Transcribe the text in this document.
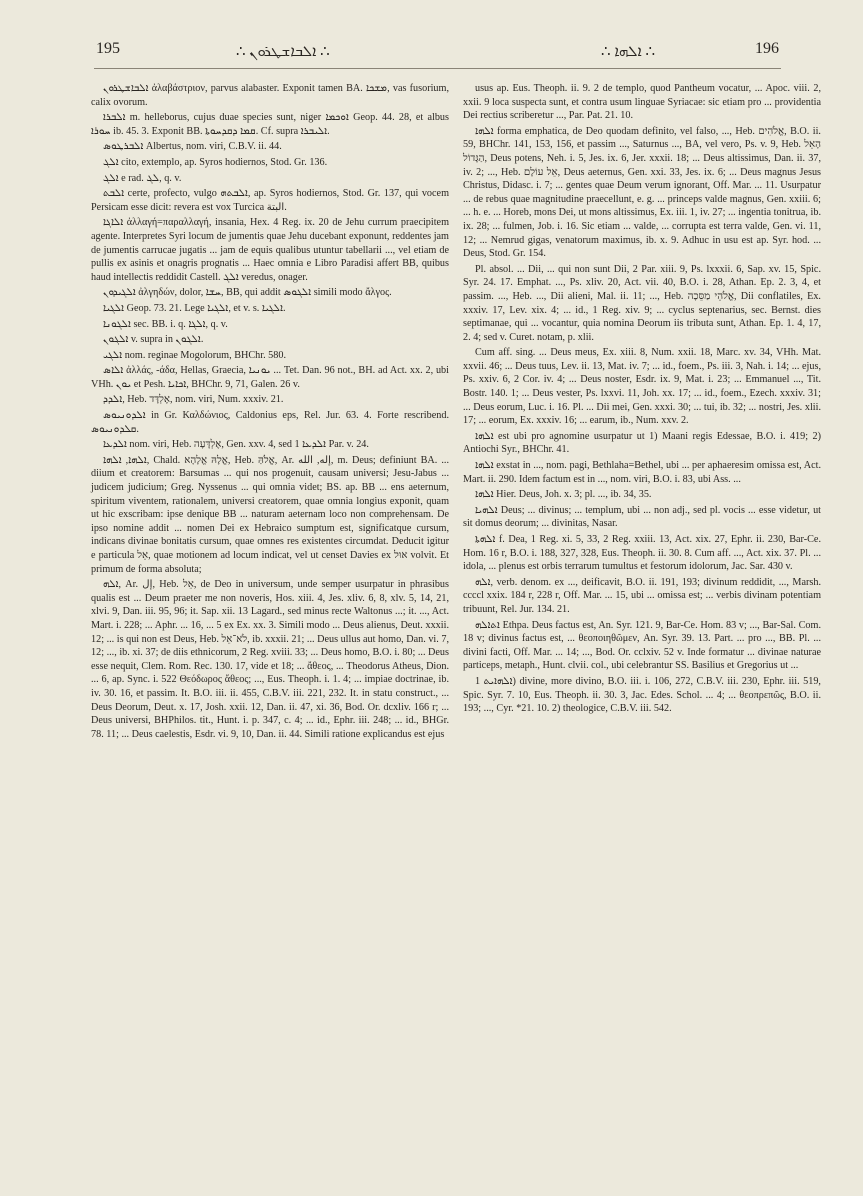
195	∴ ܐܠܒܐܫܛܪܘܢ ∴	∴ ܐܠܗܐ ∴	196

ܐܠܒܐܫܛܪܘܢ ἀλαβάστριον, parvus alabaster. Exponit tamen BA. ܡܫܟܐ, vas fusorium, calix ovorum.

ܐܠܒܪܐ m. helleborus, cujus duae species sunt, niger ܐܘܟܡܐ Geop. 44. 28, et albus ܚܘܪܐ ib. 45. 3. Exponit BB. ܩܡܐ ܕܩܕܚܘܬܐ. Cf. supra ܐܠܝܒܪܐ.

ܐܠܒܪܛܘܣ Albertus, nom. viri, C.B.V. ii. 44.

ܐܠܓ cito, extemplo, ap. Syros hodiernos, Stod. Gr. 136.

ܐܠܓ e rad. ܠܓ, q. v.

ܐܠܒܬ certe, profecto, vulgo ܐܠܒܬܗ, ap. Syros hodiernos, Stod. Gr. 137, qui vocem Persicam esse dicit: revera est vox Turcica البتة.

ܐܠܐܓܐ ἀλλαγή=παραλλαγή, insania, Hex. 4 Reg. ix. 20 de Jehu currum praecipitem agente. Interpretes Syri locum de jumentis quae Jehu ducebant exponunt, reddentes jam de jumentis carrucae jugatis ... jam de equis qualibus utuntur tabellarii ..., vel etiam de pullis ex asinis et onagris prognatis ... Haec omnia e Libro Paradisi affert BB, quibus haud intellectis reddidit Castell. ܐܠܓ veredus, onager.

ܐܠܓܝܕܘܢ ἀλγηδών, dolor, ܚܫܐ, BB, qui addit ܐܠܓܘܣ simili modo ἄλγος.

ܐܠܓܝܐ Geop. 73. 21. Lege ܐܠܓܝܐ, et v. s. ܐܠܓܝܐ.

ܐܠܓܘܢܐ sec. BB. i. q. ܐܠܓܐ, q. v.

ܐܠܓܘܢ v. supra in ܐܠܓܘܢ.

ܐܠܓܝ nom. reginae Mogolorum, BHChr. 580.

ܐܠܐܣ ἀλλάς, -άδα, Hellas, Graecia, ܝܘܢܝܐ ... Tet. Dan. 96 not., BH. ad Act. xx. 2, ubi VHh. ܝܘܢ et Pesh. ܐܟܐܝܐ, BHChr. 9, 71, Galen. 26 v.

ܐܠܕܕ, Heb. אֶלְדָּד, nom. viri, Num. xxxiv. 21.

ܐܠܕܘܢܝܘܣ in Gr. Καλδώνιος, Caldonius eps, Rel. Jur. 63. 4. Forte rescribend. ܩܠܕܘܢܝܘܣ.

ܐܠܕܥܐ nom. viri, Heb. אֶלְדָּעָה, Gen. xxv. 4, sed ܐܠܕܥܐ 1 Par. v. 24.

ܐܠܗܐ, ܐܠܗܐ, Chald. אֱלָהּ אֱלָהָא, Heb. אֱלֹהַּ, Ar. إله, الله, m. Deus; definiunt BA. ... diium et creatorem: Barsumas ... qui nos progenuit, causam universi; Jesu-Jabus ... judicem judicium; Greg. Nyssenus ... qui omnia videt; BS. ap. BB ... ens aeternum, spiritum viventem, rationalem, universi creatorem, quae omnia longius exponit, quam ut hic exscribam: ipse denique BB ... naturam aeternam loco non comprehensam. De ipso nomine addit ... nomen Dei ex Hebraico sumptum est, significatque cursum, indicans divinae bonitatis cursum, quae omnes res existentes circumdat. Deducit igitur e particula אֵל, quae motionem ad locum indicat, vel ut censet Davies ex אוּל volvit. Et primum de forma absoluta;

ܐܠܗ, Ar. إل, Heb. אֵל, de Deo in universum, unde semper usurpatur in phrasibus qualis est ... Deum praeter me non noveris, Hos. xiii. 4, Jes. xliv. 6, 8, xlv. 5, 14, 21, xlvi. 9, Dan. iii. 95, 96; it. Sap. xii. 13 Lagard., sed minus recte Waltonus ...; it. ..., Act. Mart. i. 228; ... Aphr. ... 16, ... 5 ex Ex. xx. 3. Simili modo ... Deus alienus, Deut. xxxii. 12; ... is qui non est Deus, Heb. לֹא־אֵל, ib. xxxii. 21; ... Deus ullus aut homo, Dan. vi. 7, 12; ..., ib. xi. 37; de diis ethnicorum, 2 Reg. xviii. 33; ... Deus homo, B.O. i. 80; ... Deus esse nequit, Clem. Rom. Rec. 130. 17, vide et 18; ... ἄθεος, ... Theodorus Atheus, Dion. ... 6, ap. Sync. i. 522 Θεόδωρος ἄθεος; ..., Eus. Theoph. i. 1. 4; ... impiae doctrinae, ib. iv. 30. 16, et passim. It. B.O. iii. ii. 455, C.B.V. iii. 221, 232. It. in statu construct., ... Deus Deorum, Deut. x. 17, Josh. xxii. 12, Dan. ii. 47, xi. 36, Bod. Or. dcxliv. 166 r; ... Deus universi, BHPhilos. tit., Hunt. i. p. 347, c. 4; ... id., Ephr. iii. 248; ... id., BHGr. 78. 11; ... Deus caelestis, Esdr. vi. 9, 10, Dan. ii. 44. Simili ratione explicandus est ejus

usus ap. Eus. Theoph. ii. 9. 2 de templo, quod Pantheum vocatur, ... Apoc. viii. 2, xxii. 9 loca suspecta sunt, et contra usum linguae Syriacae: sic etiam pro ... providentia Dei rectius scriberetur ..., Par. Pat. 21. 10.

ܐܠܗܐ forma emphatica, de Deo quodam definito, vel falso, ..., Heb. אֱלֹהִים, B.O. ii. 59, BHChr. 141, 153, 156, et passim ..., Saturnus ..., BA, vel vero, Ps. v. 9, Heb. הָאֵל הַגָּדוֹל, Deus potens, Neh. i. 5, Jes. ix. 6, Jer. xxxii. 18; ... Deus altissimus, Dan. ii. 37, iv. 2; ..., Heb. אֵל עוֹלָם, Deus aeternus, Gen. xxi. 33, Jes. ix. 6; ... Deus magnus Jesus Christus, Didasc. i. 7; ... gentes quae Deum verum ignorant, Off. Mar. ... 11. Usurpatur ... de rebus quae magnitudine praecellunt, e. g. ... princeps valde magnus, Gen. xxiii. 6; ... h. e. ... Horeb, mons Dei, ut mons altissimus, Ex. iii. 1, iv. 27; ... ingentia tonitrua, ib. ix. 28; ... fulmen, Job. i. 16. Sic etiam ... valde, ... corrupta est terra valde, Gen. vi. 11, 12; ... Nemrud gigas, venatorum maximus, ib. x. 9. Adhuc in usu est ap. Syr. hod. ... Deus, Stod. Gr. 154.

Pl. absol. ... Dii, ... qui non sunt Dii, 2 Par. xiii. 9, Ps. lxxxii. 6, Sap. xv. 15, Spic. Syr. 24. 17. Emphat. ..., Ps. xliv. 20, Act. vii. 40, B.O. i. 28, Athan. Ep. 2. 3, 4, et passim. ..., Heb. ..., Dii alieni, Mal. ii. 11; ..., Heb. אֱלֹהֵי מַסֵּכָה, Dii conflatiles, Ex. xxxiv. 17, Lev. xix. 4; ... id., 1 Reg. xiv. 9; ... cyclus septenarius, sec. Bernst. dies septimanae, qui ... vocantur, quia nomina Deorum iis tributa sunt, Athan. Ep. 1. 4, 17, 2. 4; sed v. Curet. notam, p. xlii.

Cum aff. sing. ... Deus meus, Ex. xiii. 8, Num. xxii. 18, Marc. xv. 34, VHh. Mat. xxvii. 46; ... Deus tuus, Lev. ii. 13, Mat. iv. 7; ... id., foem., Ps. iii. 3, Nah. i. 14; ... ejus, Ps. xxiv. 6, 2 Cor. iv. 4; ... Deus noster, Esdr. ix. 9, Mat. i. 23; ... Emmanuel ..., Tit. Bostr. 140. 1; ... Deus vester, Ps. lxxvi. 11, Joh. xx. 17; ... id., foem., Ezech. xxxiv. 31; ... Deus eorum, Luc. i. 16. Pl. ... Dii mei, Gen. xxxi. 30; ... tui, ib. 32; ... nostri, Jes. xlii. 17; ... eorum, Ex. xxxiv. 16; ... earum, ib., Num. xxv. 2.

ܐܠܗܐ est ubi pro agnomine usurpatur ut 1) Maani regis Edessae, B.O. i. 419; 2) Antiochi Syr., BHChr. 41.

ܐܠܗܐ exstat in ..., nom. pagi, Bethlaha=Bethel, ubi ... per aphaeresim omissa est, Act. Mart. ii. 290. Idem factum est in ..., nom. viri, B.O. i. 83, ubi Ass. ...

ܐܠܗܐ Hier. Deus, Joh. x. 3; pl. ..., ib. 34, 35.

ܐܠܗܝܐ Deus; ... divinus; ... templum, ubi ... non adj., sed pl. vocis ... esse videtur, ut sit domus deorum; ... divinitas, Nasar.

ܐܠܗܬܐ f. Dea, 1 Reg. xi. 5, 33, 2 Reg. xxiii. 13, Act. xix. 27, Ephr. ii. 230, Bar-Ce. Hom. 16 r, B.O. i. 188, 327, 328, Eus. Theoph. ii. 30. 8. Cum aff. ..., Act. xix. 37. Pl. ... idola, ... plenus est orbis terrarum tumultus et festorum idolorum, Jac. Sar. 430 v.

ܐܠܗ, verb. denom. ex ..., deificavit, B.O. ii. 191, 193; divinum reddidit, ..., Marsh. ccccl xxix. 184 r, 228 r, Off. Mar. ... 15, ubi ... omissa est; ... verbis divinam potentiam tribuunt, Rel. Jur. 134. 21.

ܐܬܐܠܗ Ethpa. Deus factus est, An. Syr. 121. 9, Bar-Ce. Hom. 83 v; ..., Bar-Sal. Com. 18 v; divinus factus est, ... θεοποιηθῶμεν, An. Syr. 39. 13. Part. ... pro ..., BB. Pl. ... divini facti, Off. Mar. ... 14; ..., Bod. Or. cclxiv. 52 v. Inde formatur ... divinae naturae particeps, metaph., Hunt. clvii. col., ubi celebrantur SS. Basilius et Gregorius ut ...

ܐܠܗܐܝܬ 1) divine, more divino, B.O. iii. i. 106, 272, C.B.V. iii. 230, Ephr. iii. 519, Spic. Syr. 7. 10, Eus. Theoph. ii. 30. 3, Jac. Edes. Schol. ... 4; ... θεοπρεπῶς, B.O. ii. 193; ..., Cyr. *21. 10. 2) theologice, C.B.V. iii. 542.
